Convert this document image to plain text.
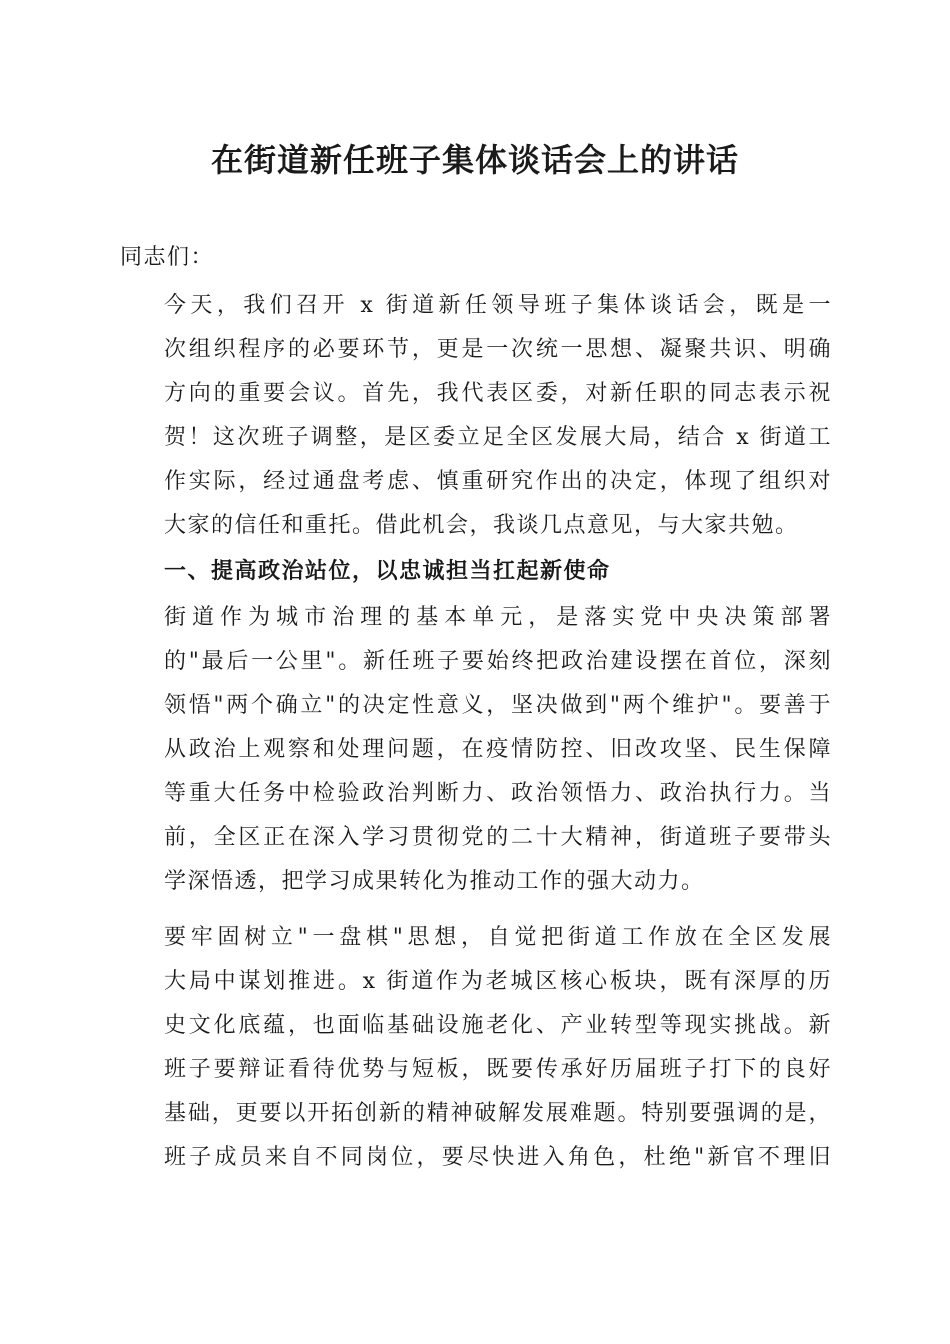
在街道新任班子集体谈话会上的讲话

同志们：

今天，我们召开 x 街道新任领导班子集体谈话会，既是一
次组织程序的必要环节，更是一次统一思想、凝聚共识、明确
方向的重要会议。首先，我代表区委，对新任职的同志表示祝
贺！这次班子调整，是区委立足全区发展大局，结合 x 街道工
作实际，经过通盘考虑、慎重研究作出的决定，体现了组织对
大家的信任和重托。借此机会，我谈几点意见，与大家共勉。

一、提高政治站位，以忠诚担当扛起新使命

街道作为城市治理的基本单元，是落实党中央决策部署
的"最后一公里"。新任班子要始终把政治建设摆在首位，深刻
领悟"两个确立"的决定性意义，坚决做到"两个维护"。要善于
从政治上观察和处理问题，在疫情防控、旧改攻坚、民生保障
等重大任务中检验政治判断力、政治领悟力、政治执行力。当
前，全区正在深入学习贯彻党的二十大精神，街道班子要带头
学深悟透，把学习成果转化为推动工作的强大动力。
要牢固树立"一盘棋"思想，自觉把街道工作放在全区发展
大局中谋划推进。x 街道作为老城区核心板块，既有深厚的历
史文化底蕴，也面临基础设施老化、产业转型等现实挑战。新
班子要辩证看待优势与短板，既要传承好历届班子打下的良好
基础，更要以开拓创新的精神破解发展难题。特别要强调的是，
班子成员来自不同岗位，要尽快进入角色，杜绝"新官不理旧
